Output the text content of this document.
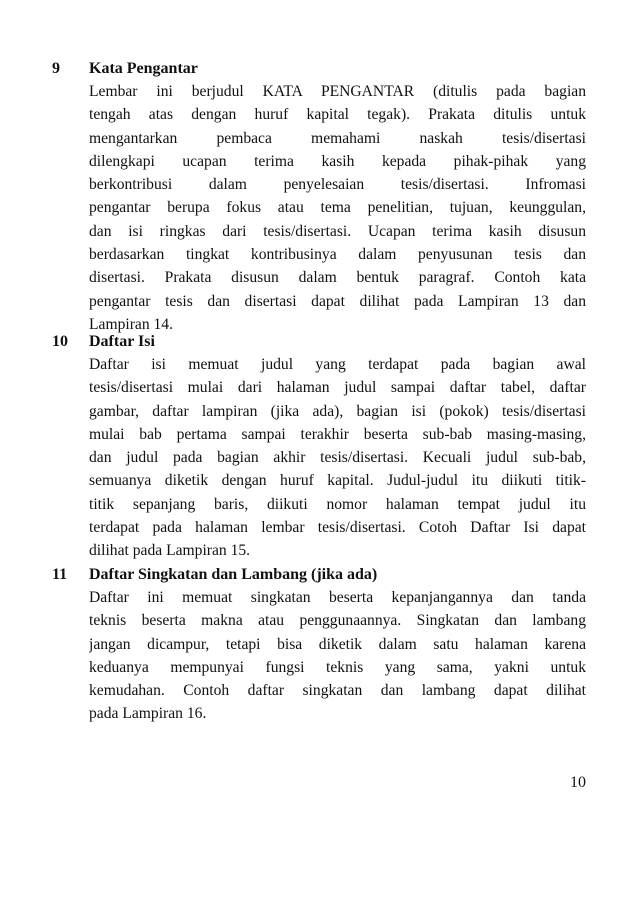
9 Kata Pengantar
Lembar ini berjudul KATA PENGANTAR (ditulis pada bagian
tengah atas dengan huruf kapital tegak). Prakata ditulis untuk
mengantarkan pembaca memahami naskah tesis/disertasi
dilengkapi ucapan terima kasih kepada pihak-pihak yang
berkontribusi dalam penyelesaian tesis/disertasi. Infromasi
pengantar berupa fokus atau tema penelitian, tujuan, keunggulan,
dan isi ringkas dari tesis/disertasi. Ucapan terima kasih disusun
berdasarkan tingkat kontribusinya dalam penyusunan tesis dan
disertasi. Prakata disusun dalam bentuk paragraf. Contoh kata
pengantar tesis dan disertasi dapat dilihat pada Lampiran 13 dan
Lampiran 14.
10 Daftar Isi
Daftar isi memuat judul yang terdapat pada bagian awal
tesis/disertasi mulai dari halaman judul sampai daftar tabel, daftar
gambar, daftar lampiran (jika ada), bagian isi (pokok) tesis/disertasi
mulai bab pertama sampai terakhir beserta sub-bab masing-masing,
dan judul pada bagian akhir tesis/disertasi. Kecuali judul sub-bab,
semuanya diketik dengan huruf kapital. Judul-judul itu diikuti titik-
titik sepanjang baris, diikuti nomor halaman tempat judul itu
terdapat pada halaman lembar tesis/disertasi. Cotoh Daftar Isi dapat
dilihat pada Lampiran 15.
11 Daftar Singkatan dan Lambang (jika ada)
Daftar ini memuat singkatan beserta kepanjangannya dan tanda
teknis beserta makna atau penggunaannya. Singkatan dan lambang
jangan dicampur, tetapi bisa diketik dalam satu halaman karena
keduanya mempunyai fungsi teknis yang sama, yakni untuk
kemudahan. Contoh daftar singkatan dan lambang dapat dilihat
pada Lampiran 16.
10
